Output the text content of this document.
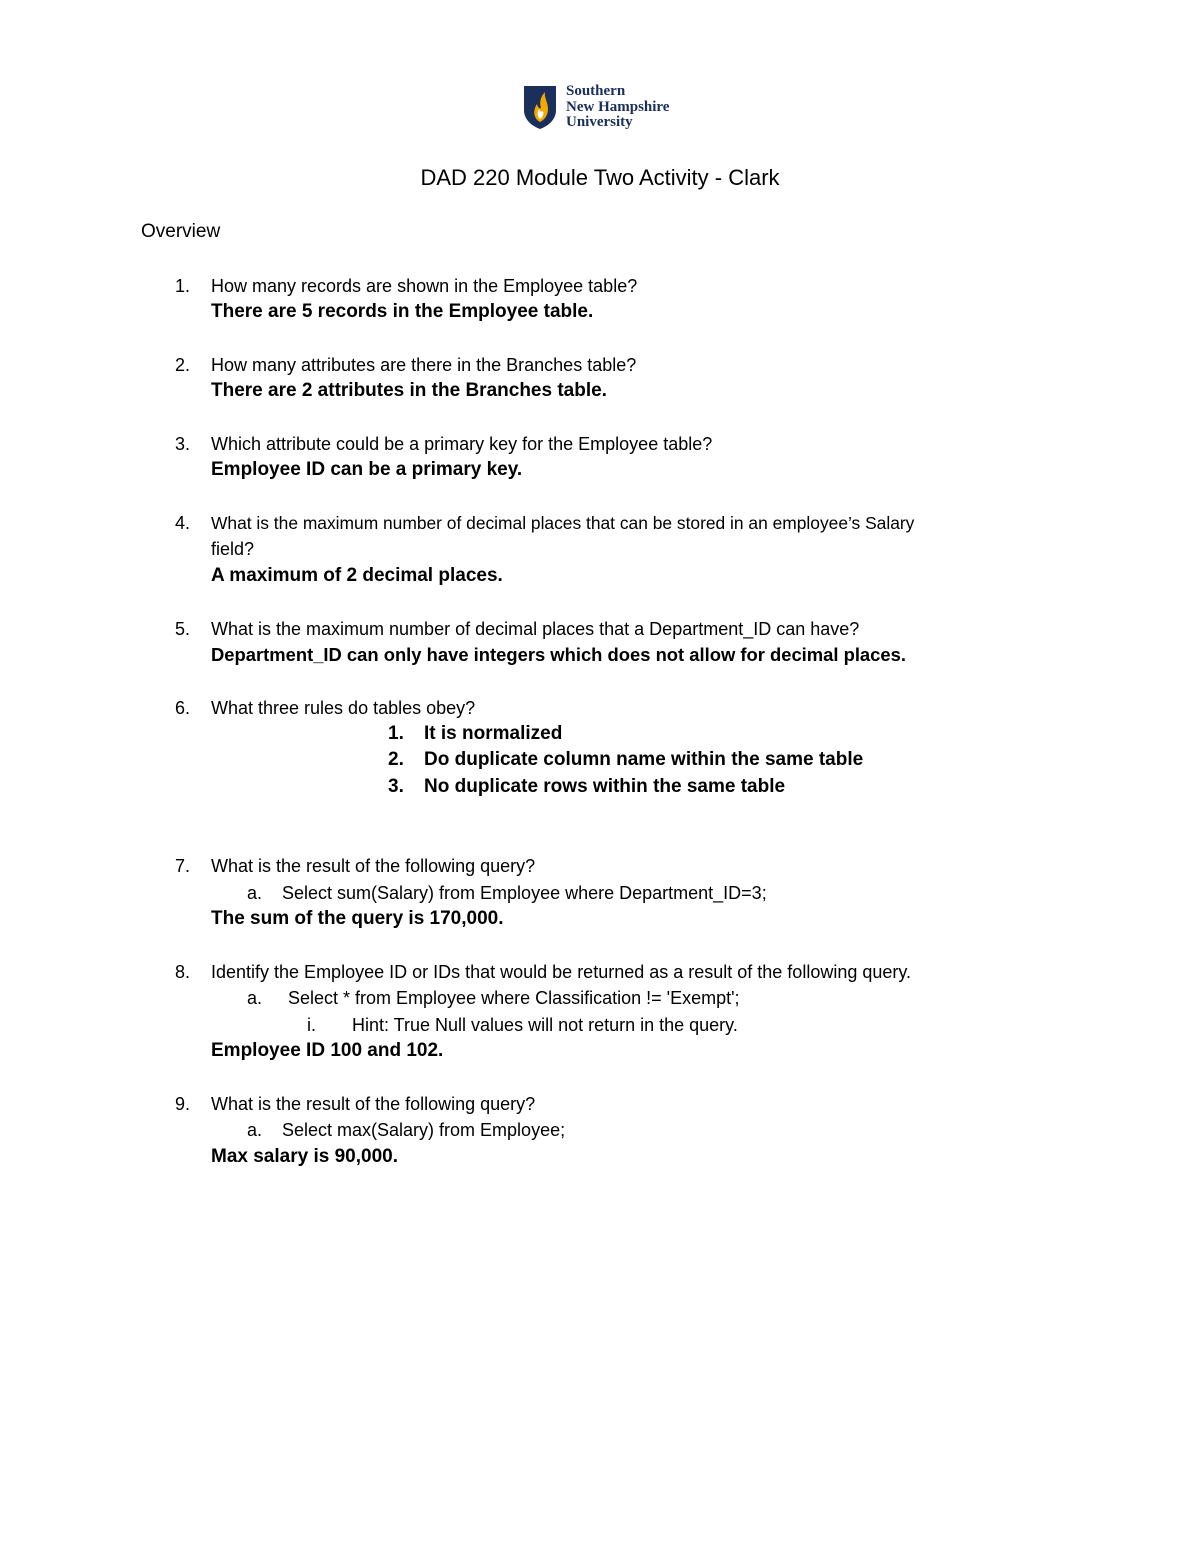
Southern
New Hampshire
University
DAD 220 Module Two Activity - Clark
Overview
1. How many records are shown in the Employee table?
There are 5 records in the Employee table.
2. How many attributes are there in the Branches table?
There are 2 attributes in the Branches table.
3. Which attribute could be a primary key for the Employee table?
Employee ID can be a primary key.
4. What is the maximum number of decimal places that can be stored in an employee’s Salary
field?
A maximum of 2 decimal places.
5. What is the maximum number of decimal places that a Department_ID can have?
Department_ID can only have integers which does not allow for decimal places.
6. What three rules do tables obey?
1. It is normalized
2. Do duplicate column name within the same table
3. No duplicate rows within the same table
7. What is the result of the following query?
a. Select sum(Salary) from Employee where Department_ID=3;
The sum of the query is 170,000.
8. Identify the Employee ID or IDs that would be returned as a result of the following query.
a. Select * from Employee where Classification != 'Exempt';
i. Hint: True Null values will not return in the query.
Employee ID 100 and 102.
9. What is the result of the following query?
a. Select max(Salary) from Employee;
Max salary is 90,000.
